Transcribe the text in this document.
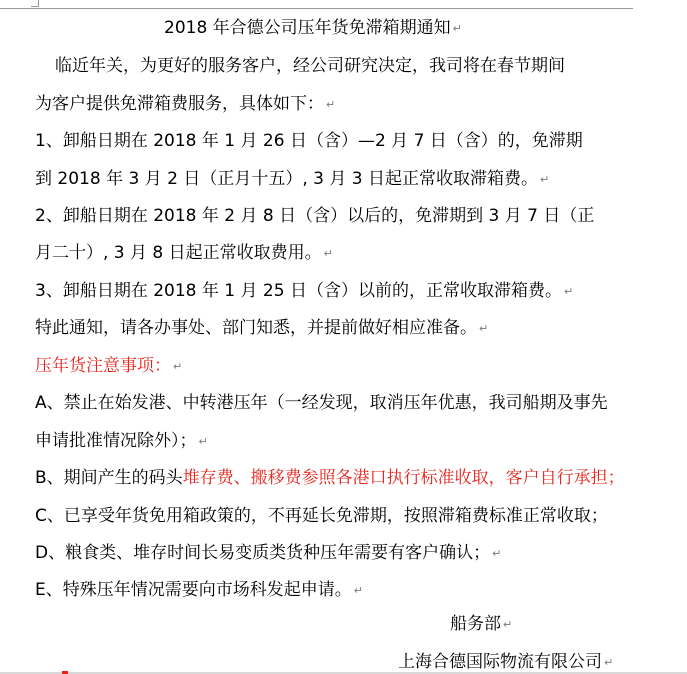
2018 年合德公司压年货免滞箱期通知 ↵
临近年关，为更好的服务客户，经公司研究决定，我司将在春节期间
为客户提供免滞箱费服务，具体如下： ↵
1、卸船日期在 2018 年 1 月 26 日（含）—2 月 7 日（含）的，免滞期
到 2018 年 3 月 2 日（正月十五）, 3 月 3 日起正常收取滞箱费。 ↵
2、卸船日期在 2018 年 2 月 8 日（含）以后的，免滞期到 3 月 7 日（正
月二十）, 3 月 8 日起正常收取费用。 ↵
3、卸船日期在 2018 年 1 月 25 日（含）以前的，正常收取滞箱费。 ↵
特此通知，请各办事处、部门知悉，并提前做好相应准备。 ↵
压年货注意事项： ↵
A、禁止在始发港、中转港压年（一经发现，取消压年优惠，我司船期及事先
申请批准情况除外）； ↵
B、期间产生的码头堆存费、搬移费参照各港口执行标准收取，客户自行承担；
C、已享受年货免用箱政策的，不再延长免滞期，按照滞箱费标准正常收取；
D、粮食类、堆存时间长易变质类货种压年需要有客户确认； ↵
E、特殊压年情况需要向市场科发起申请。 ↵
船务部 ↵
上海合德国际物流有限公司 ↵
